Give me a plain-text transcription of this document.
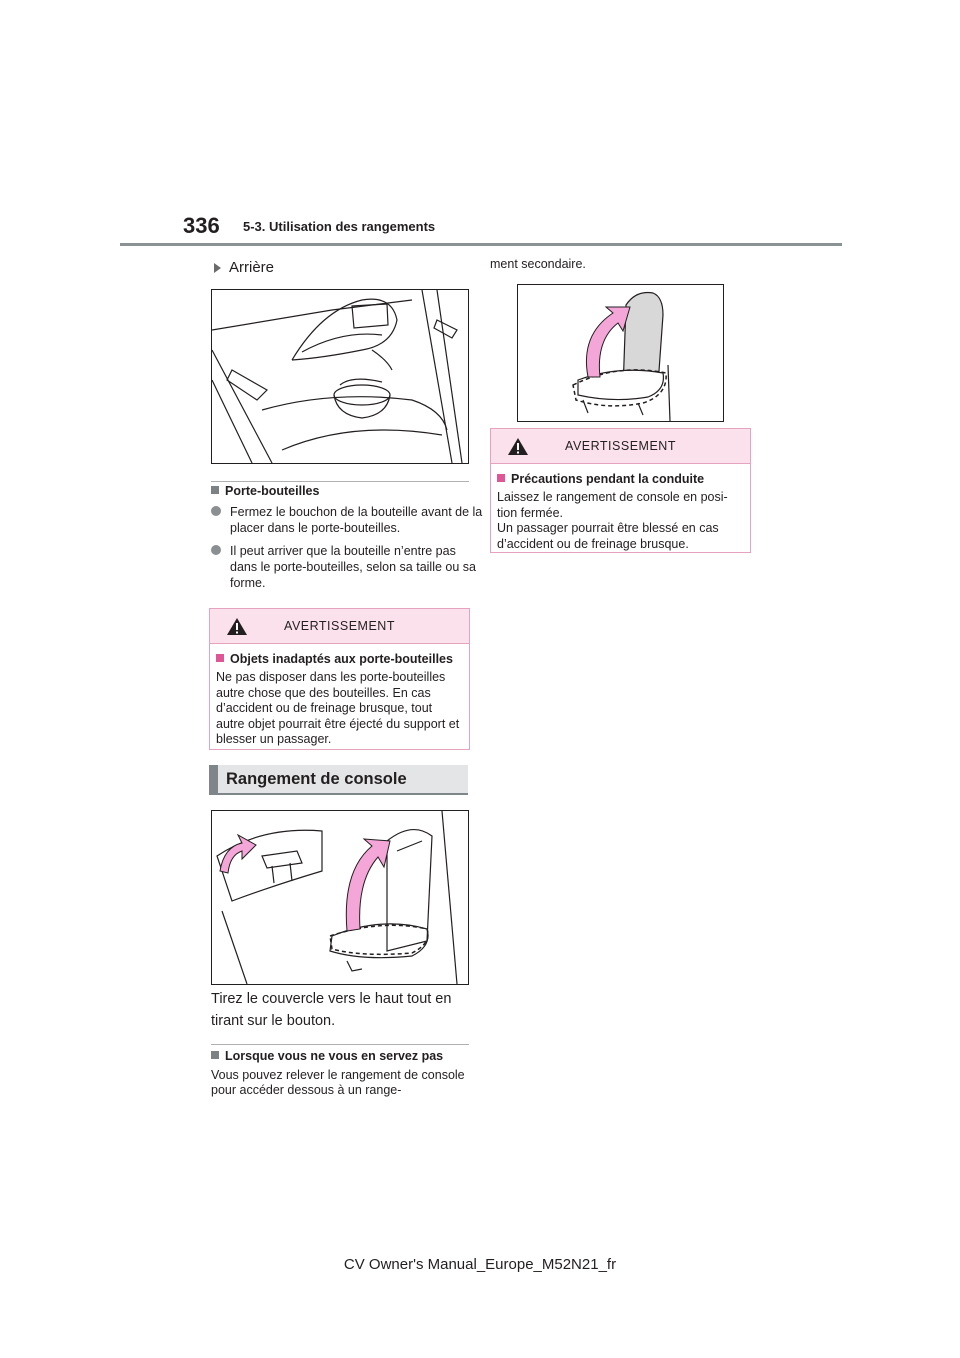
336 5-3. Utilisation des rangements
Arrière
Porte-bouteilles
Fermez le bouchon de la bouteille avant de la placer dans le porte-bouteilles.
Il peut arriver que la bouteille n’entre pas dans le porte-bouteilles, selon sa taille ou sa forme.
AVERTISSEMENT
Objets inadaptés aux porte-bouteilles
Ne pas disposer dans les porte-bouteilles autre chose que des bouteilles. En cas d’accident ou de freinage brusque, tout autre objet pourrait être éjecté du support et blesser un passager.
Rangement de console
Tirez le couvercle vers le haut tout en tirant sur le bouton.
Lorsque vous ne vous en servez pas
Vous pouvez relever le rangement de console pour accéder dessous à un range-
ment secondaire.
AVERTISSEMENT
Précautions pendant la conduite
Laissez le rangement de console en posi-
tion fermée.
Un passager pourrait être blessé en cas
d’accident ou de freinage brusque.
CV Owner's Manual_Europe_M52N21_fr
